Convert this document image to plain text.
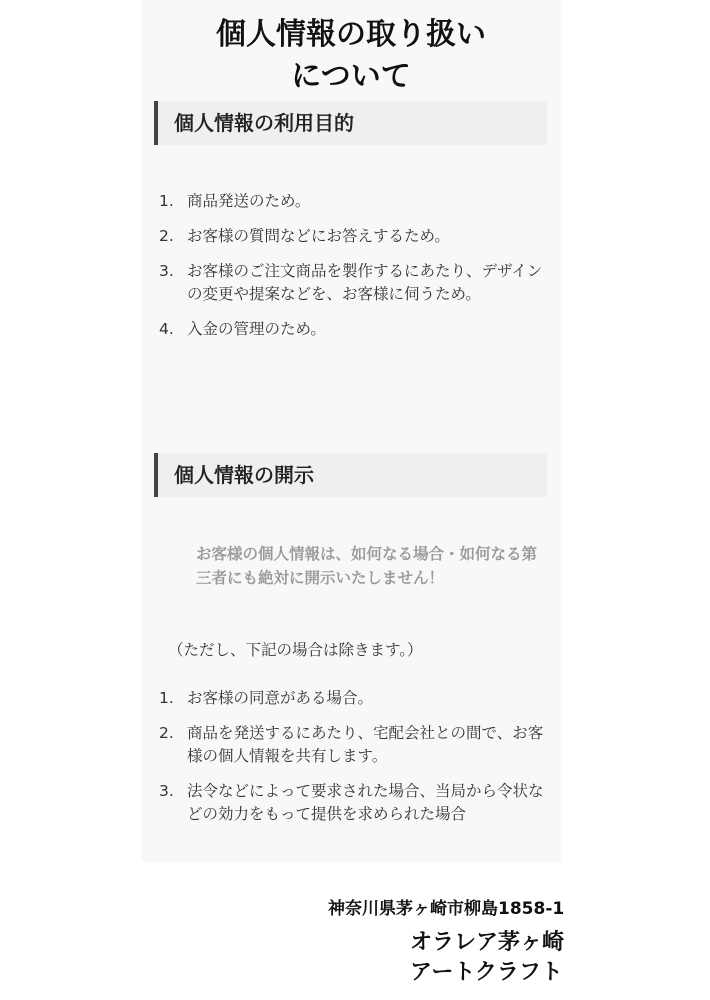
個人情報の取り扱い
について
個人情報の利用目的
1. 商品発送のため。
2. お客様の質問などにお答えするため。
3. お客様のご注文商品を製作するにあたり、デザインの変更や提案などを、お客様に伺うため。
4. 入金の管理のため。
個人情報の開示

お客様の個人情報は、如何なる場合・如何なる第三者にも絶対に開示いたしません！

（ただし、下記の場合は除きます。）

1. お客様の同意がある場合。
2. 商品を発送するにあたり、宅配会社との間で、お客様の個人情報を共有します。
3. 法令などによって要求された場合、当局から令状などの効力をもって提供を求められた場合

神奈川県茅ヶ崎市柳島1858-1

オラレア茅ヶ崎
アートクラフト
